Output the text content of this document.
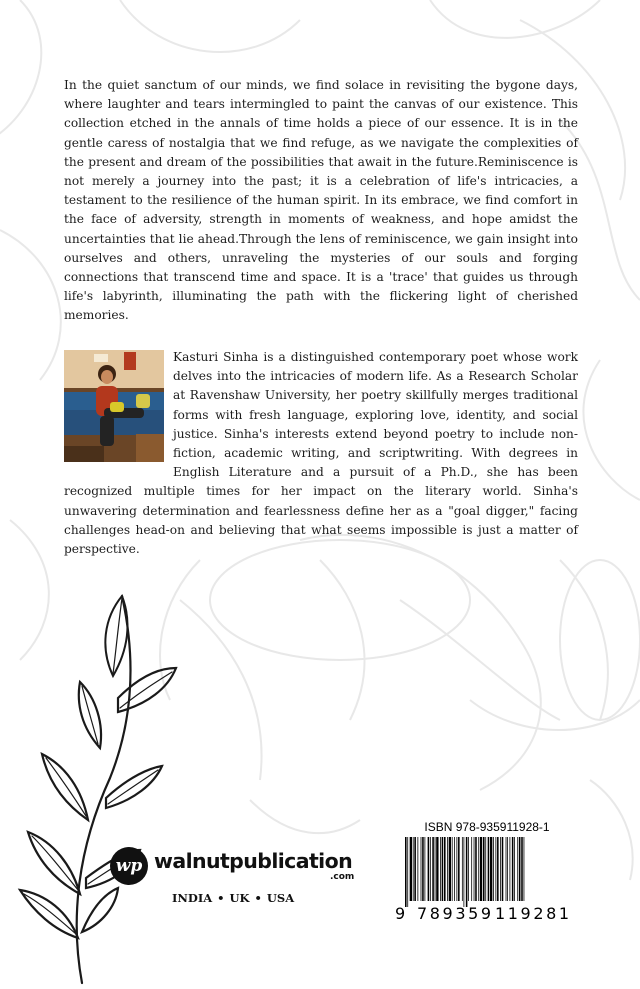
In the quiet sanctum of our minds, we find solace in revisiting the bygone days, where laughter and tears intermingled to paint the canvas of our existence. This collection etched in the annals of time holds a piece of our essence. It is in the gentle caress of nostalgia that we find refuge, as we navigate the complexities of the present and dream of the possibilities that await in the future.Reminiscence is not merely a journey into the past; it is a celebration of life's intricacies, a testament to the resilience of the human spirit. In its embrace, we find comfort in the face of adversity, strength in moments of weakness, and hope amidst the uncertainties that lie ahead.Through the lens of reminiscence, we gain insight into ourselves and others, unraveling the mysteries of our souls and forging connections that transcend time and space. It is a 'trace' that guides us through life's labyrinth, illuminating the path with the flickering light of cherished memories.

Kasturi Sinha is a distinguished contemporary poet whose work delves into the intricacies of modern life. As a Research Scholar at Ravenshaw University, her poetry skillfully merges traditional forms with fresh language, exploring love, identity, and social justice. Sinha's interests extend beyond poetry to include non-fiction, academic writing, and scriptwriting. With degrees in English Literature and a pursuit of a Ph.D., she has been recognized multiple times for her impact on the literary world. Sinha's unwavering determination and fearlessness define her as a "goal digger," facing challenges head-on and believing that what seems impossible is just a matter of perspective.

wp walnutpublication
.com
INDIA • UK • USA
ISBN 978-935911928-1
9 789359 119281
